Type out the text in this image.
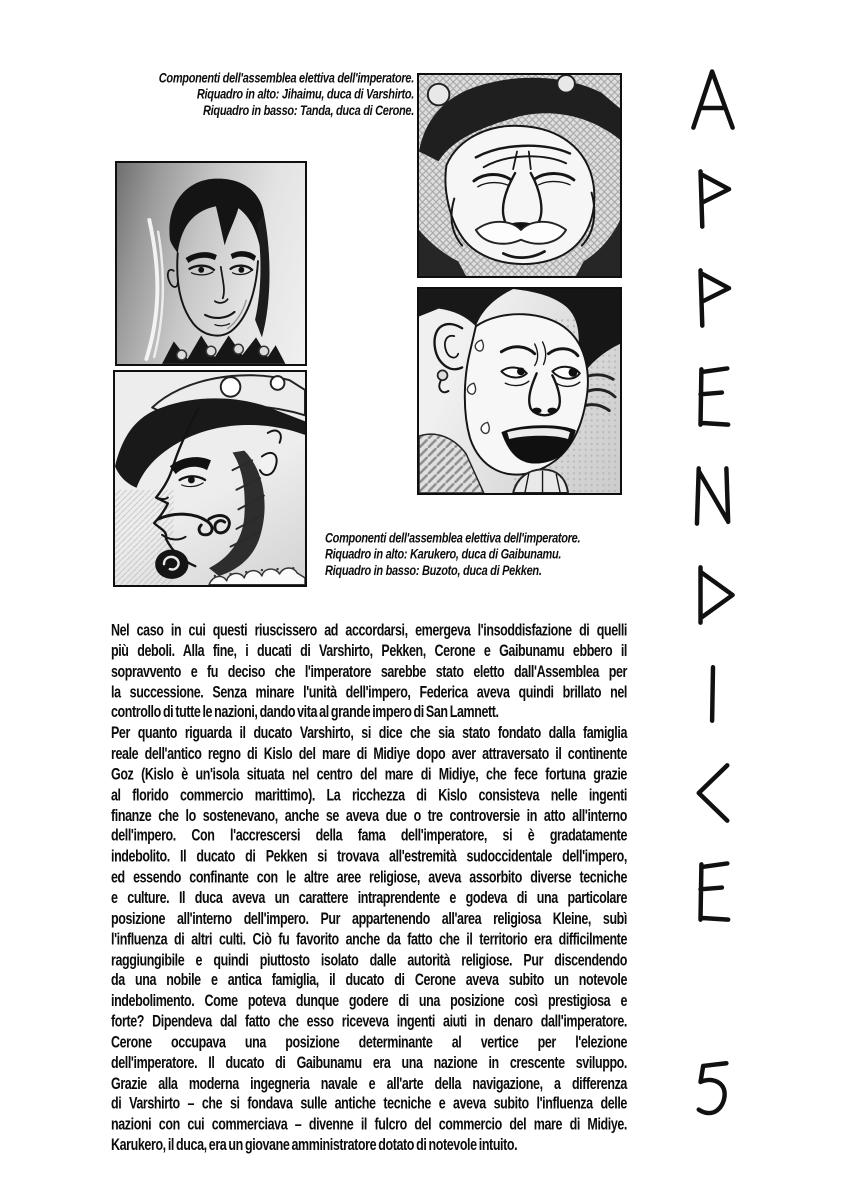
Componenti dell'assemblea elettiva dell'imperatore.
Riquadro in alto: Jihaimu, duca di Varshirto.
Riquadro in basso: Tanda, duca di Cerone.
Componenti dell'assemblea elettiva dell'imperatore.
Riquadro in alto: Karukero, duca di Gaibunamu.
Riquadro in basso: Buzoto, duca di Pekken.
Nel caso in cui questi riuscissero ad accordarsi, emergeva l'insoddisfazione di quelli
più deboli. Alla fine, i ducati di Varshirto, Pekken, Cerone e Gaibunamu ebbero il
sopravvento e fu deciso che l'imperatore sarebbe stato eletto dall'Assemblea per
la successione. Senza minare l'unità dell'impero, Federica aveva quindi brillato nel
controllo di tutte le nazioni, dando vita al grande impero di San Lamnett.
Per quanto riguarda il ducato Varshirto, si dice che sia stato fondato dalla famiglia
reale dell'antico regno di Kislo del mare di Midiye dopo aver attraversato il continente
Goz (Kislo è un'isola situata nel centro del mare di Midiye, che fece fortuna grazie
al florido commercio marittimo). La ricchezza di Kislo consisteva nelle ingenti
finanze che lo sostenevano, anche se aveva due o tre controversie in atto all'interno
dell'impero. Con l'accrescersi della fama dell'imperatore, si è gradatamente
indebolito. Il ducato di Pekken si trovava all'estremità sudoccidentale dell'impero,
ed essendo confinante con le altre aree religiose, aveva assorbito diverse tecniche
e culture. Il duca aveva un carattere intraprendente e godeva di una particolare
posizione all'interno dell'impero. Pur appartenendo all'area religiosa Kleine, subì
l'influenza di altri culti. Ciò fu favorito anche da fatto che il territorio era difficilmente
raggiungibile e quindi piuttosto isolato dalle autorità religiose. Pur discendendo
da una nobile e antica famiglia, il ducato di Cerone aveva subito un notevole
indebolimento. Come poteva dunque godere di una posizione così prestigiosa e
forte? Dipendeva dal fatto che esso riceveva ingenti aiuti in denaro dall'imperatore.
Cerone occupava una posizione determinante al vertice per l'elezione
dell'imperatore. Il ducato di Gaibunamu era una nazione in crescente sviluppo.
Grazie alla moderna ingegneria navale e all'arte della navigazione, a differenza
di Varshirto – che si fondava sulle antiche tecniche e aveva subito l'influenza delle
nazioni con cui commerciava – divenne il fulcro del commercio del mare di Midiye.
Karukero, il duca, era un giovane amministratore dotato di notevole intuito.
